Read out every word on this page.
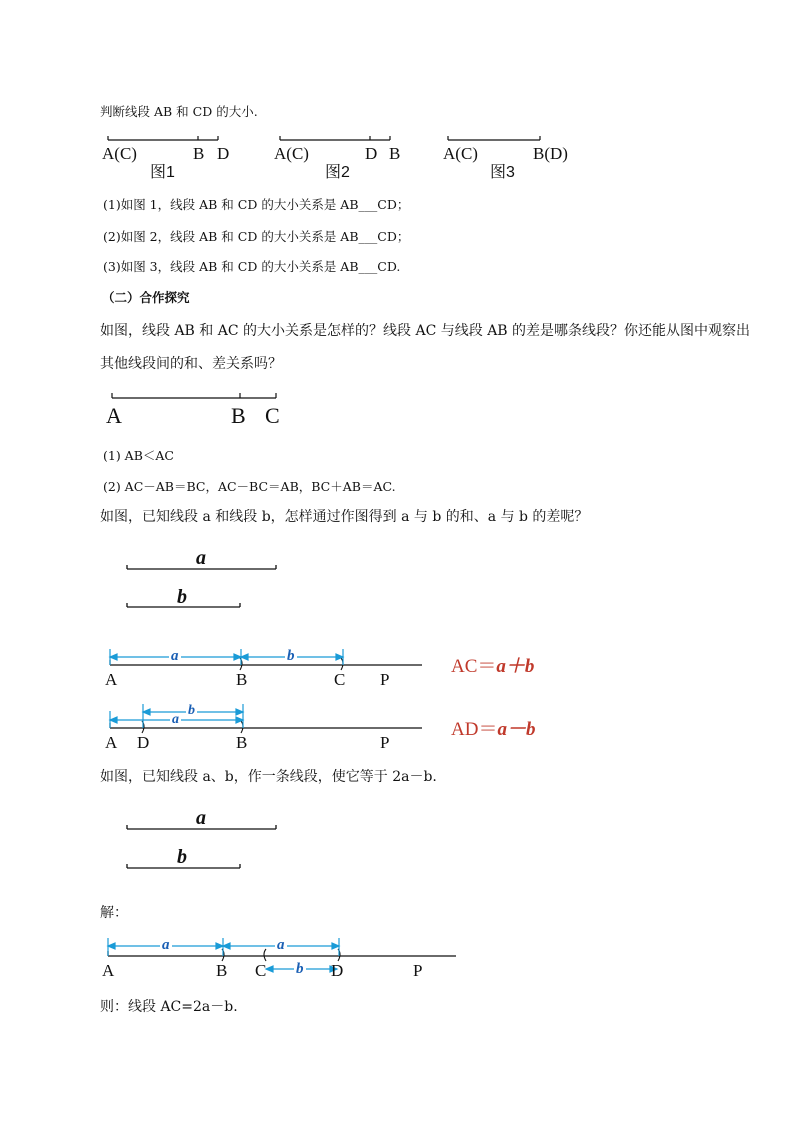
判断线段 AB 和 CD 的大小.
A(C)	B D
图1
A(C)	D B
图2
A(C)	B(D)
图3
(1)如图 1，线段 AB 和 CD 的大小关系是 AB___CD；
(2)如图 2，线段 AB 和 CD 的大小关系是 AB___CD；
(3)如图 3，线段 AB 和 CD 的大小关系是 AB___CD.
（二）合作探究
如图，线段 AB 和 AC 的大小关系是怎样的？线段 AC 与线段 AB 的差是哪条线段？你还能从图中观察出
其他线段间的和、差关系吗？
A	B C
(1) AB＜AC
(2) AC－AB＝BC，AC－BC＝AB，BC＋AB＝AC.
如图，已知线段 a 和线段 b，怎样通过作图得到 a 与 b 的和、a 与 b 的差呢？
a
b
a	b
A	B	C P
AC＝a＋b
b
a
A D	B	P
AD＝a－b
如图，已知线段 a、b，作一条线段，使它等于 2a－b.
a
b
解：
a	a
b
A	B C	D	P
则：线段 AC=2a－b.
